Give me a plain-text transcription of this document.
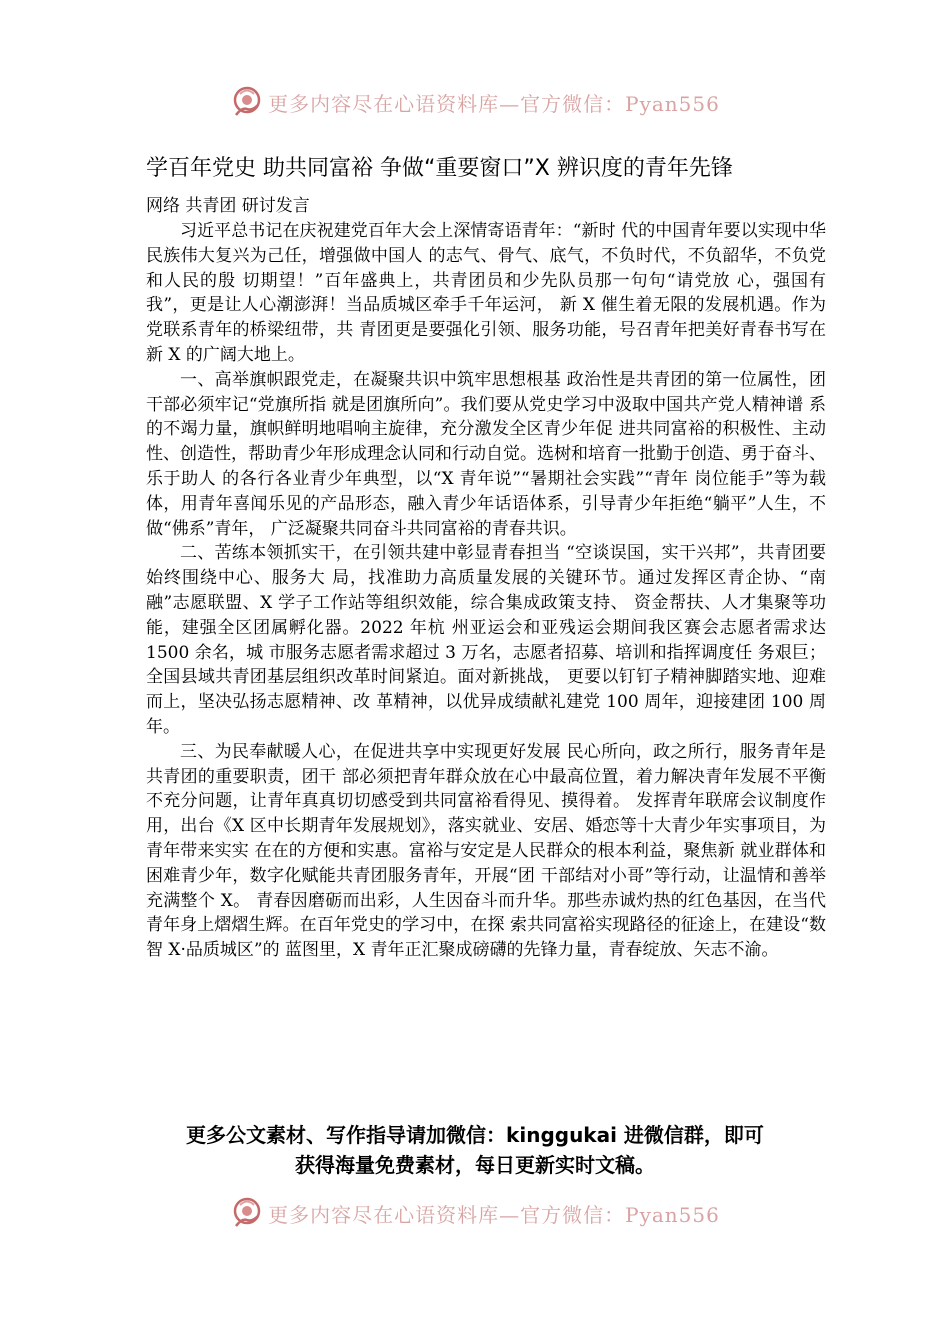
更多内容尽在心语资料库—官方微信：Pyan556
学百年党史 助共同富裕 争做“重要窗口”X 辨识度的青年先锋

网络 共青团 研讨发言

习近平总书记在庆祝建党百年大会上深情寄语青年：“新时 代的中国青年要以实现中华民族伟大复兴为己任，增强做中国人 的志气、骨气、底气，不负时代，不负韶华，不负党和人民的殷 切期望！”百年盛典上，共青团员和少先队员那一句句“请党放 心，强国有我”，更是让人心潮澎湃！当品质城区牵手千年运河， 新 X 催生着无限的发展机遇。作为党联系青年的桥梁纽带，共 青团更是要强化引领、服务功能，号召青年把美好青春书写在新 X 的广阔大地上。

一、高举旗帜跟党走，在凝聚共识中筑牢思想根基 政治性是共青团的第一位属性，团干部必须牢记“党旗所指 就是团旗所向”。我们要从党史学习中汲取中国共产党人精神谱 系的不竭力量，旗帜鲜明地唱响主旋律，充分激发全区青少年促 进共同富裕的积极性、主动性、创造性，帮助青少年形成理念认同和行动自觉。选树和培育一批勤于创造、勇于奋斗、乐于助人 的各行各业青少年典型，以“X 青年说”“暑期社会实践”“青年 岗位能手”等为载体，用青年喜闻乐见的产品形态，融入青少年话语体系，引导青少年拒绝“躺平”人生，不做“佛系”青年， 广泛凝聚共同奋斗共同富裕的青春共识。

二、苦练本领抓实干，在引领共建中彰显青春担当 “空谈误国，实干兴邦”，共青团要始终围绕中心、服务大 局，找准助力高质量发展的关键环节。通过发挥区青企协、“南 融”志愿联盟、X 学子工作站等组织效能，综合集成政策支持、 资金帮扶、人才集聚等功能，建强全区团属孵化器。2022 年杭 州亚运会和亚残运会期间我区赛会志愿者需求达 1500 余名，城 市服务志愿者需求超过 3 万名，志愿者招募、培训和指挥调度任 务艰巨；全国县域共青团基层组织改革时间紧迫。面对新挑战， 更要以钉钉子精神脚踏实地、迎难而上，坚决弘扬志愿精神、改 革精神，以优异成绩献礼建党 100 周年，迎接建团 100 周年。

三、为民奉献暖人心，在促进共享中实现更好发展 民心所向，政之所行，服务青年是共青团的重要职责，团干 部必须把青年群众放在心中最高位置，着力解决青年发展不平衡 不充分问题，让青年真真切切感受到共同富裕看得见、摸得着。 发挥青年联席会议制度作用，出台《X 区中长期青年发展规划》，落实就业、安居、婚恋等十大青少年实事项目，为青年带来实实 在在的方便和实惠。富裕与安定是人民群众的根本利益，聚焦新 就业群体和困难青少年，数字化赋能共青团服务青年，开展“团 干部结对小哥”等行动，让温情和善举充满整个 X。 青春因磨砺而出彩，人生因奋斗而升华。那些赤诚灼热的红色基因，在当代青年身上熠熠生辉。在百年党史的学习中，在探 索共同富裕实现路径的征途上，在建设“数智 X·品质城区”的 蓝图里，X 青年正汇聚成磅礴的先锋力量，青春绽放、矢志不渝。

更多公文素材、写作指导请加微信：kinggukai 进微信群，即可
获得海量免费素材，每日更新实时文稿。
更多内容尽在心语资料库—官方微信：Pyan556
